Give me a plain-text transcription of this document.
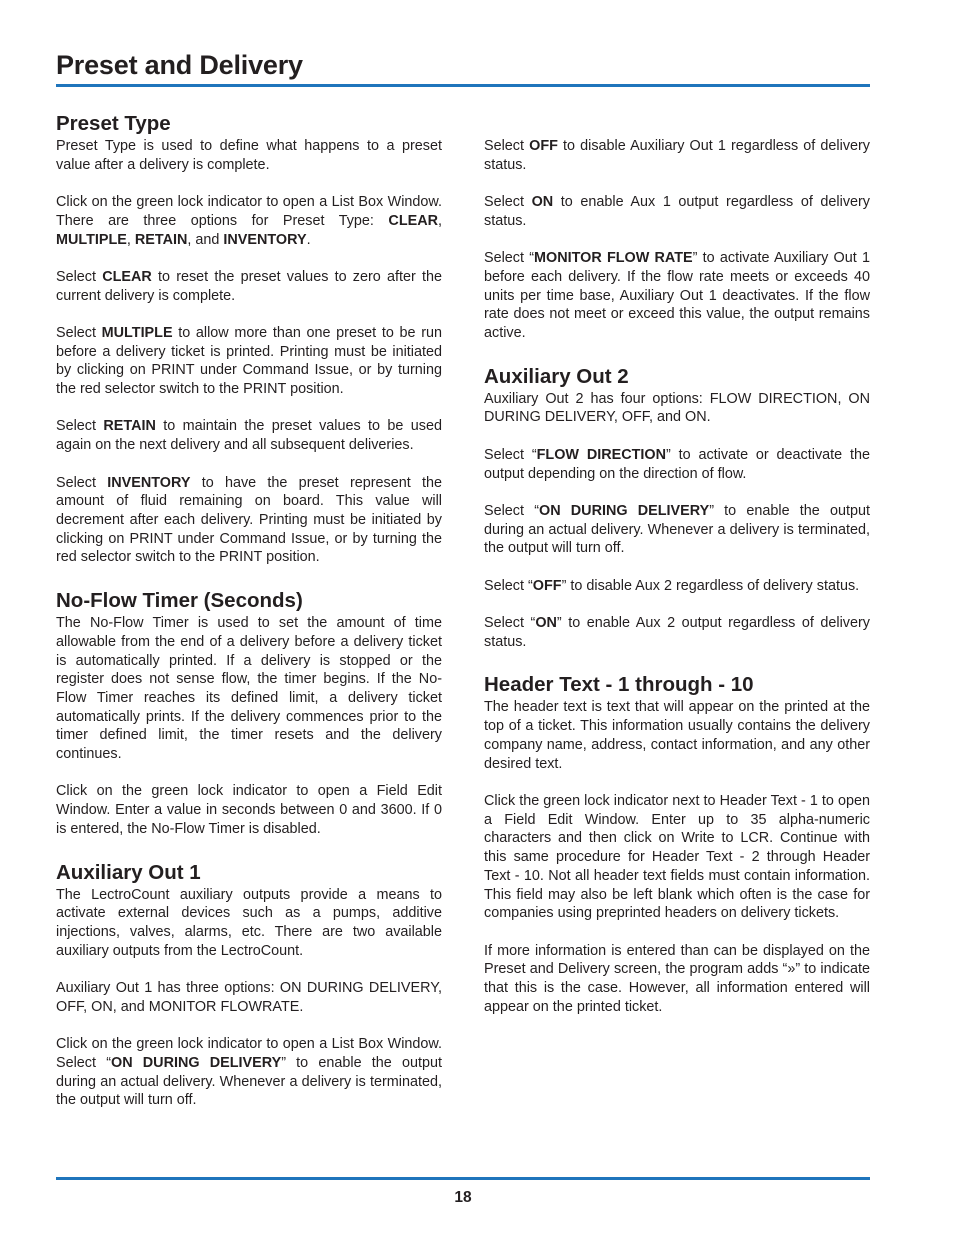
Preset and Delivery
Preset Type

Preset Type is used to define what happens to a preset value after a delivery is complete.

Click on the green lock indicator to open a List Box Window. There are three options for Preset Type: CLEAR, MULTIPLE, RETAIN, and INVENTORY.

Select CLEAR to reset the preset values to zero after the current delivery is complete.

Select MULTIPLE to allow more than one preset to be run before a delivery ticket is printed. Printing must be initiated by clicking on PRINT under Command Issue, or by turning the red selector switch to the PRINT position.

Select RETAIN to maintain the preset values to be used again on the next delivery and all subsequent deliveries.

Select INVENTORY to have the preset represent the amount of fluid remaining on board. This value will decrement after each delivery. Printing must be initiated by clicking on PRINT under Command Issue, or by turning the red selector switch to the PRINT position.

No-Flow Timer (Seconds)

The No-Flow Timer is used to set the amount of time allowable from the end of a delivery before a delivery ticket is automatically printed. If a delivery is stopped or the register does not sense flow, the timer begins. If the No-Flow Timer reaches its defined limit, a delivery ticket automatically prints. If the delivery commences prior to the timer defined limit, the timer resets and the delivery continues.

Click on the green lock indicator to open a Field Edit Window. Enter a value in seconds between 0 and 3600. If 0 is entered, the No-Flow Timer is disabled.

Auxiliary Out 1

The LectroCount auxiliary outputs provide a means to activate external devices such as a pumps, additive injections, valves, alarms, etc. There are two available auxiliary outputs from the LectroCount.

Auxiliary Out 1 has three options: ON DURING DELIVERY, OFF, ON, and MONITOR FLOWRATE.

Click on the green lock indicator to open a List Box Window. Select “ON DURING DELIVERY” to enable the output during an actual delivery. Whenever a delivery is terminated, the output will turn off.

Select OFF to disable Auxiliary Out 1 regardless of delivery status.

Select ON to enable Aux 1 output regardless of delivery status.

Select “MONITOR FLOW RATE” to activate Auxiliary Out 1 before each delivery. If the flow rate meets or exceeds 40 units per time base, Auxiliary Out 1 deactivates. If the flow rate does not meet or exceed this value, the output remains active.

Auxiliary Out 2

Auxiliary Out 2 has four options: FLOW DIRECTION, ON DURING DELIVERY, OFF, and ON.

Select “FLOW DIRECTION” to activate or deactivate the output depending on the direction of flow.

Select “ON DURING DELIVERY” to enable the output during an actual delivery. Whenever a delivery is terminated, the output will turn off.

Select “OFF” to disable Aux 2 regardless of delivery status.

Select “ON” to enable Aux 2 output regardless of delivery status.

Header Text - 1 through - 10

The header text is text that will appear on the printed at the top of a ticket. This information usually contains the delivery company name, address, contact information, and any other desired text.

Click the green lock indicator next to Header Text - 1 to open a Field Edit Window. Enter up to 35 alpha-numeric characters and then click on Write to LCR. Continue with this same procedure for Header Text - 2 through Header Text - 10. Not all header text fields must contain information. This field may also be left blank which often is the case for companies using preprinted headers on delivery tickets.

If more information is entered than can be displayed on the Preset and Delivery screen, the program adds “»” to indicate that this is the case. However, all information entered will appear on the printed ticket.

18
